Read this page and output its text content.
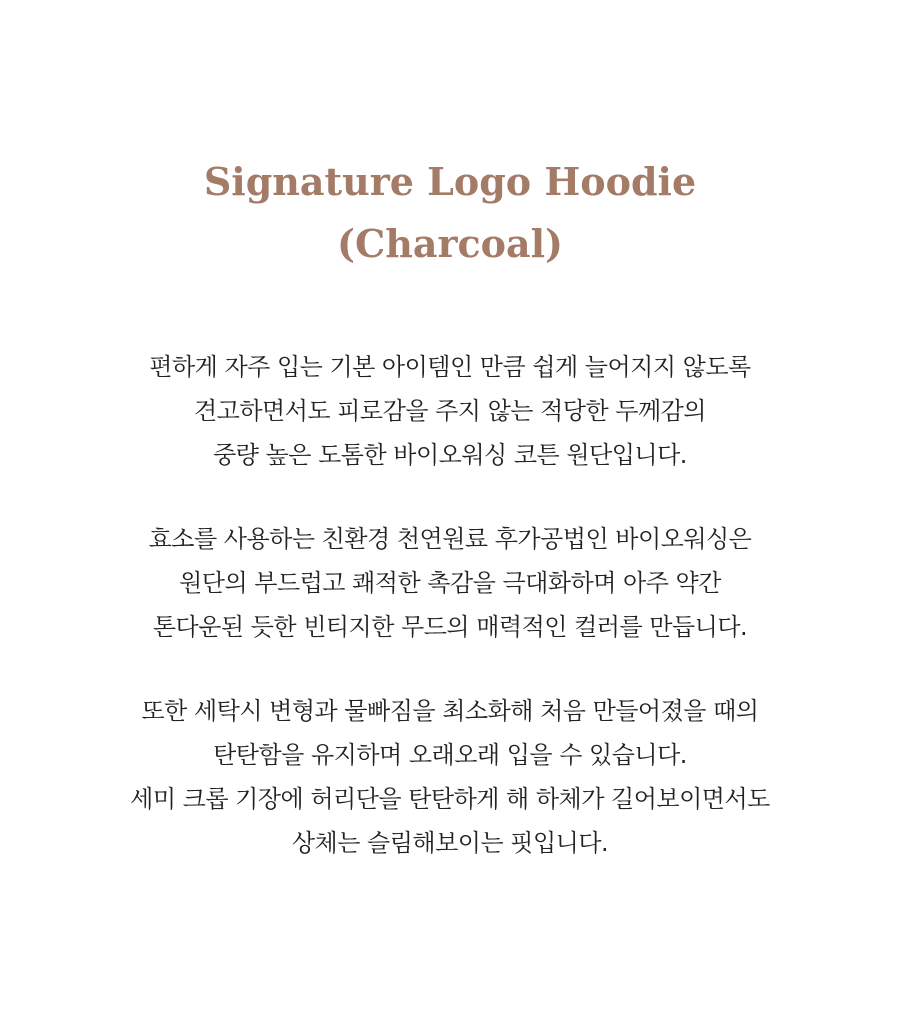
Signature Logo Hoodie
(Charcoal)

편하게 자주 입는 기본 아이템인 만큼 쉽게 늘어지지 않도록
견고하면서도 피로감을 주지 않는 적당한 두께감의
중량 높은 도톰한 바이오워싱 코튼 원단입니다.

효소를 사용하는 친환경 천연원료 후가공법인 바이오워싱은
원단의 부드럽고 쾌적한 촉감을 극대화하며 아주 약간
톤다운된 듯한 빈티지한 무드의 매력적인 컬러를 만듭니다.

또한 세탁시 변형과 물빠짐을 최소화해 처음 만들어졌을 때의
탄탄함을 유지하며 오래오래 입을 수 있습니다.
세미 크롭 기장에 허리단을 탄탄하게 해 하체가 길어보이면서도
상체는 슬림해보이는 핏입니다.
